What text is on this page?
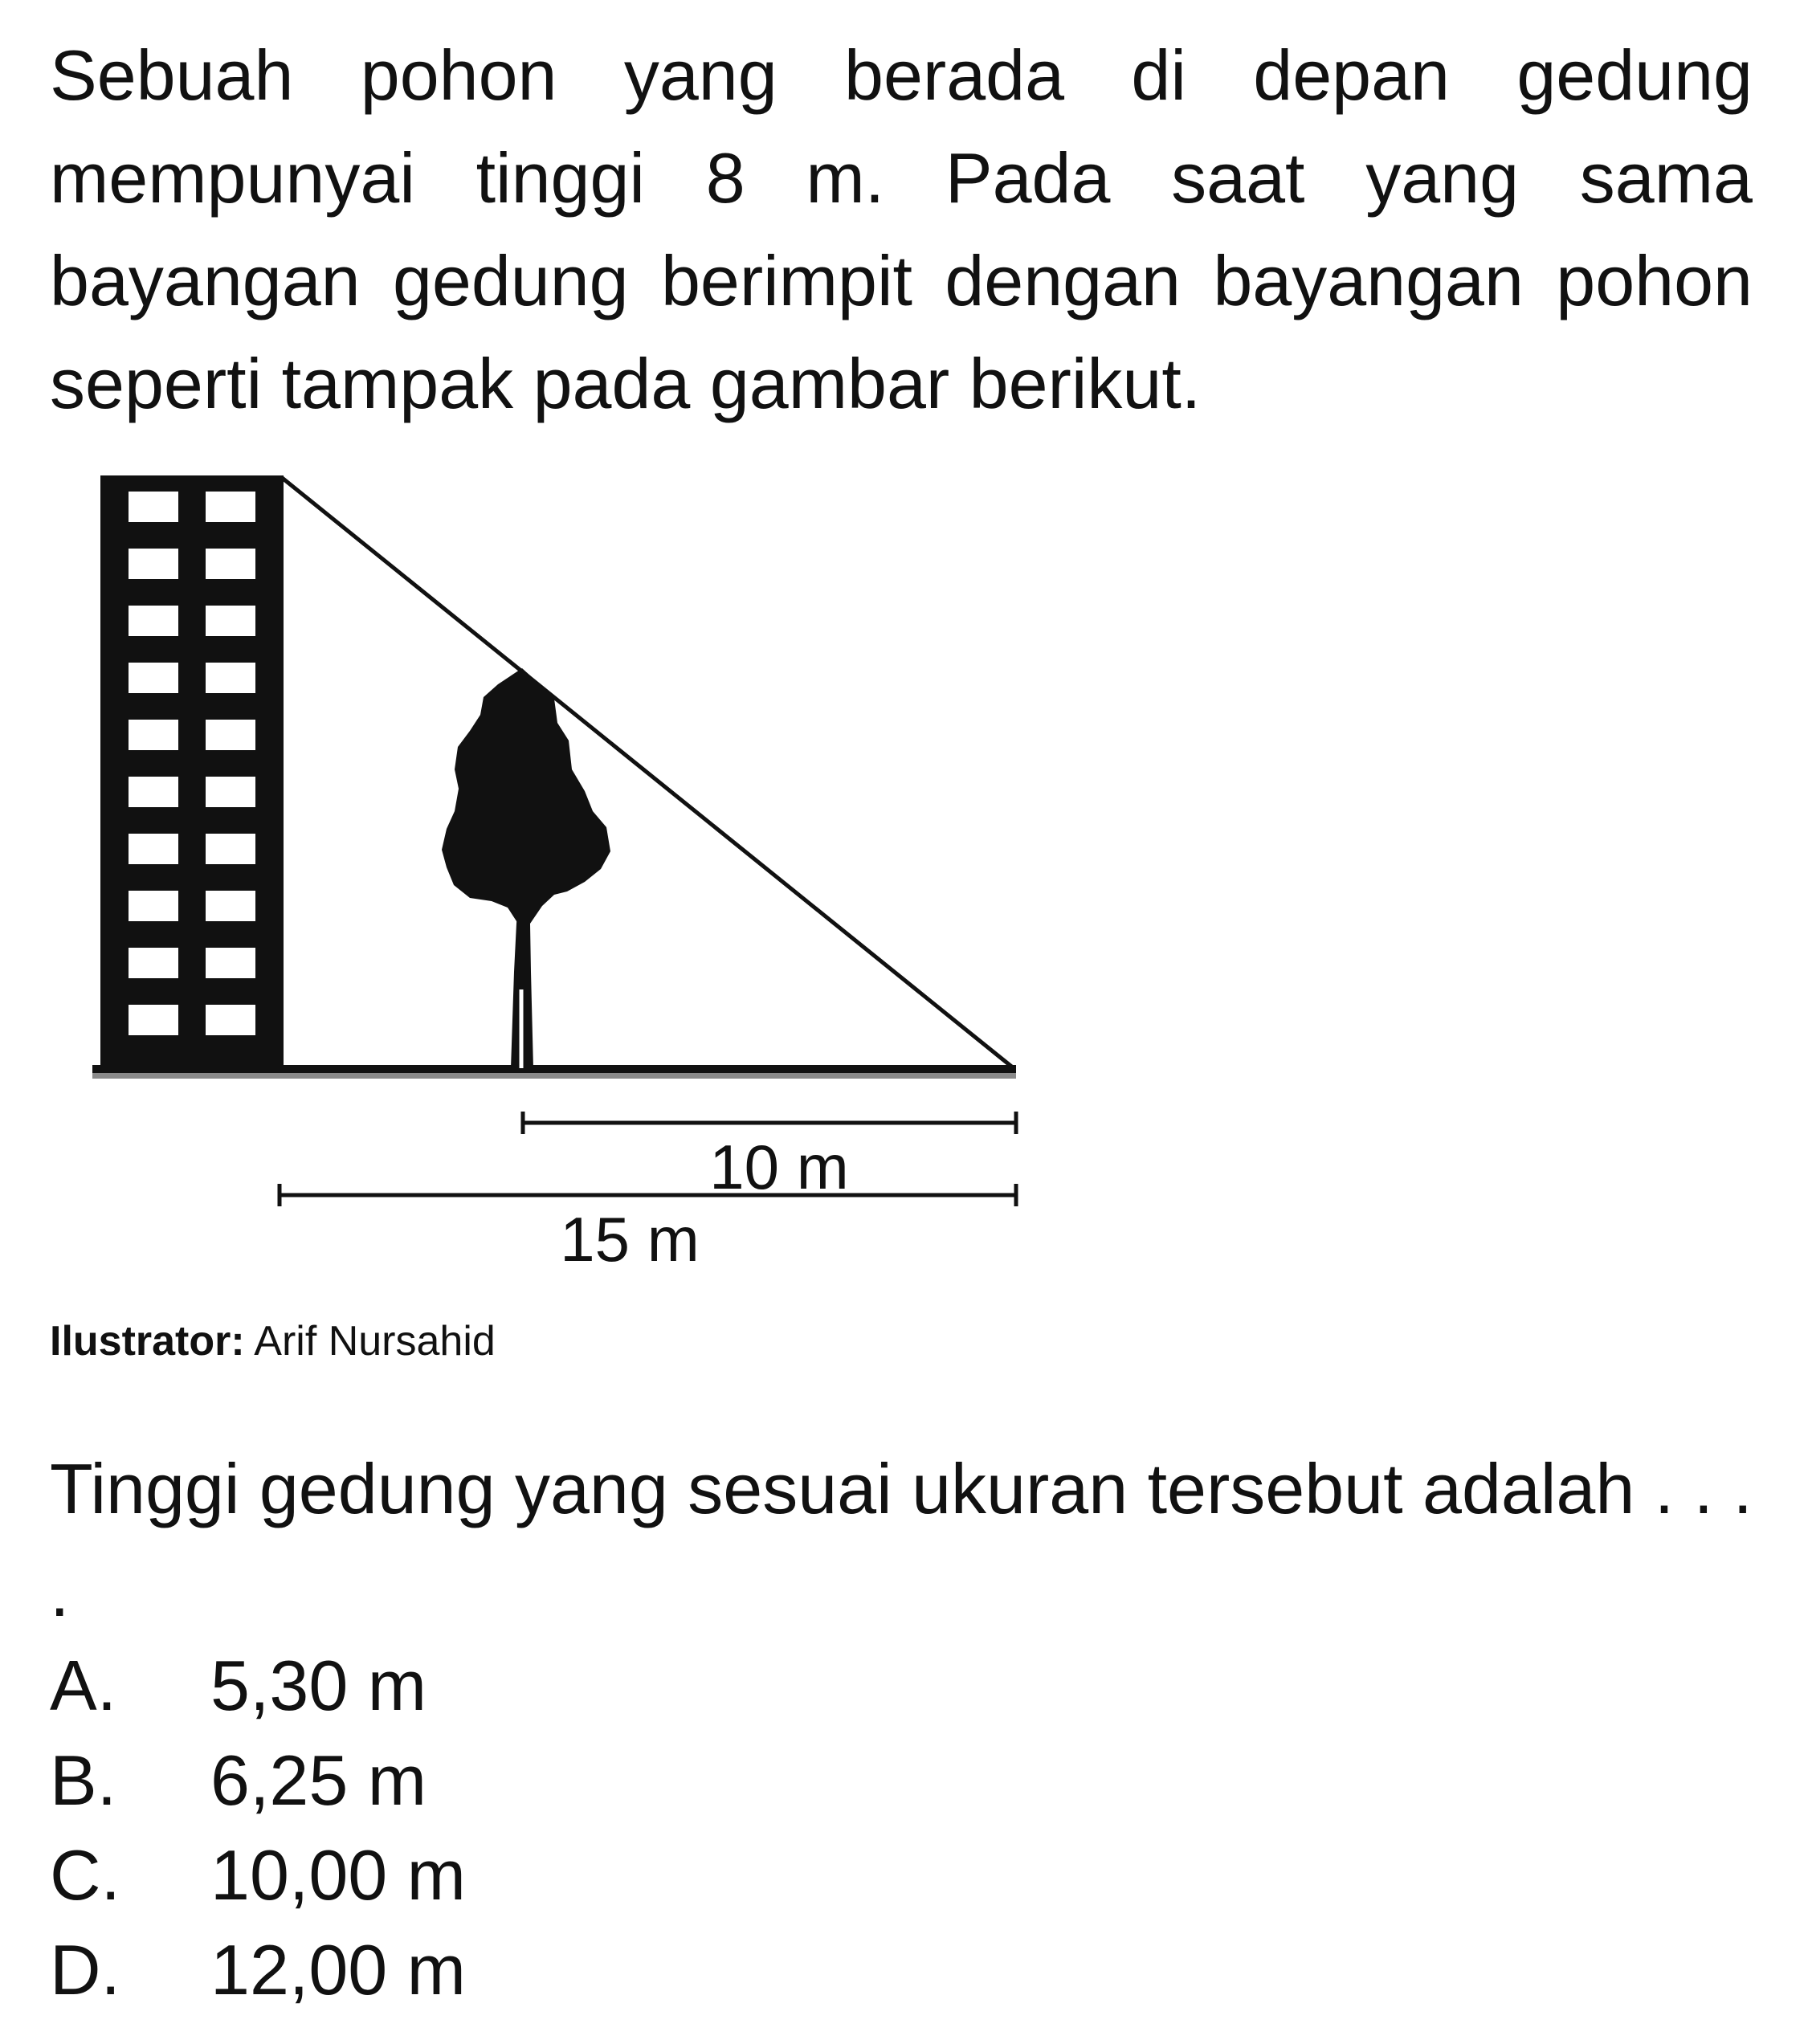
Sebuah pohon yang berada di depan gedung mempunyai tinggi 8 m. Pada saat yang sama bayangan gedung berimpit dengan bayangan pohon seperti tampak pada gambar berikut.

10 m
15 m
Ilustrator: Arif Nursahid

Tinggi gedung yang sesuai ukuran tersebut adalah . . . .

A. 5,30 m
B. 6,25 m
C. 10,00 m
D. 12,00 m
